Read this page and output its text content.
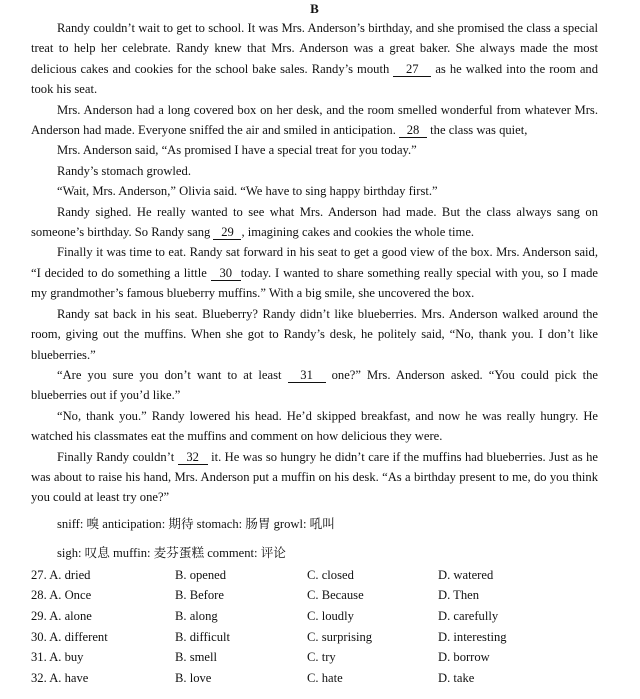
B

Randy couldn’t wait to get to school. It was Mrs. Anderson’s birthday, and she promised the class a special treat to help her celebrate. Randy knew that Mrs. Anderson was a great baker. She always made the most delicious cakes and cookies for the school bake sales. Randy’s mouth 27 as he walked into the room and took his seat.

Mrs. Anderson had a long covered box on her desk, and the room smelled wonderful from whatever Mrs. Anderson had made. Everyone sniffed the air and smiled in anticipation. 28 the class was quiet,

Mrs. Anderson said, “As promised I have a special treat for you today.”

Randy’s stomach growled.

“Wait, Mrs. Anderson,” Olivia said. “We have to sing happy birthday first.”

Randy sighed. He really wanted to see what Mrs. Anderson had made. But the class always sang on someone’s birthday. So Randy sang 29 , imagining cakes and cookies the whole time.

Finally it was time to eat. Randy sat forward in his seat to get a good view of the box. Mrs. Anderson said, “I decided to do something a little 30 today. I wanted to share something really special with you, so I made my grandmother’s famous blueberry muffins.” With a big smile, she uncovered the box.

Randy sat back in his seat. Blueberry? Randy didn’t like blueberries. Mrs. Anderson walked around the room, giving out the muffins. When she got to Randy’s desk, he politely said, “No, thank you. I don’t like blueberries.”

“Are you sure you don’t want to at least 31 one?” Mrs. Anderson asked. “You could pick the blueberries out if you’d like.”

“No, thank you.” Randy lowered his head. He’d skipped breakfast, and now he was really hungry. He watched his classmates eat the muffins and comment on how delicious they were.

Finally Randy couldn’t 32 it. He was so hungry he didn’t care if the muffins had blueberries. Just as he was about to raise his hand, Mrs. Anderson put a muffin on his desk. “As a birthday present to me, do you think you could at least try one?”

sniff: 嗅 anticipation: 期待 stomach: 肠胃 growl: 吼叫
sigh: 叹息 muffin: 麦芬蛋糕 comment: 评论
27. A. dried	B. opened	C. closed	D. watered
28. A. Once	B. Before	C. Because	D. Then
29. A. alone	B. along	C. loudly	D. carefully
30. A. different	B. difficult	C. surprising	D. interesting
31. A. buy	B. smell	C. try	D. borrow
32. A. have	B. love	C. hate	D. take
